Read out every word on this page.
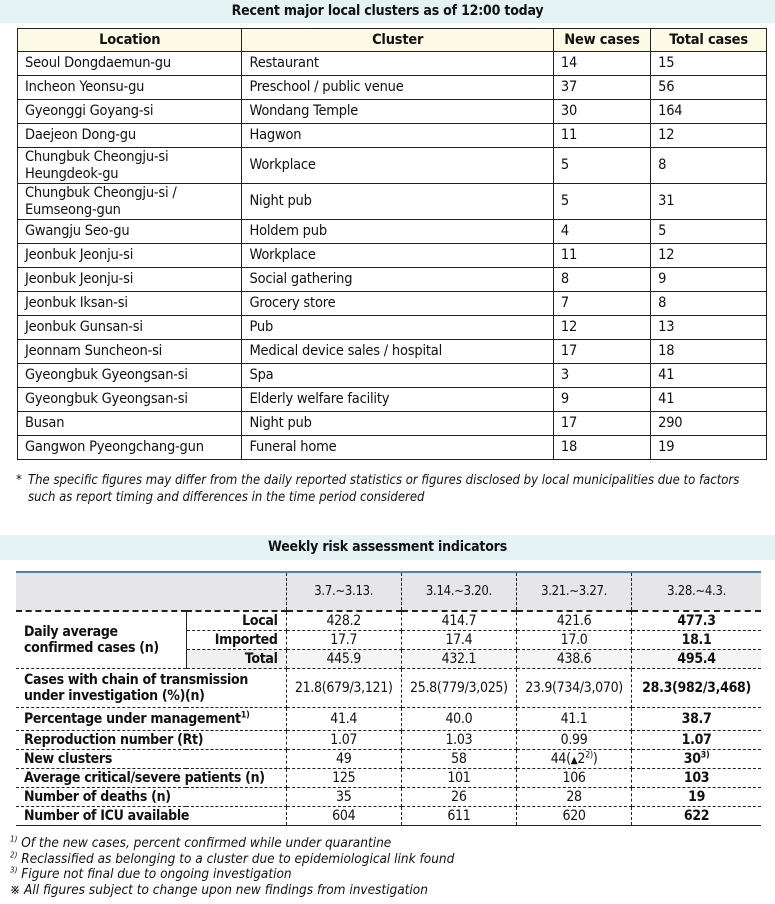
Recent major local clusters as of 12:00 today
Location	Cluster	New cases	Total cases
Seoul Dongdaemun-gu	Restaurant	14	15
Incheon Yeonsu-gu	Preschool / public venue	37	56
Gyeonggi Goyang-si	Wondang Temple	30	164
Daejeon Dong-gu	Hagwon	11	12
Chungbuk Cheongju-si Heungdeok-gu	Workplace	5	8
Chungbuk Cheongju-si / Eumseong-gun	Night pub	5	31
Gwangju Seo-gu	Holdem pub	4	5
Jeonbuk Jeonju-si	Workplace	11	12
Jeonbuk Jeonju-si	Social gathering	8	9
Jeonbuk Iksan-si	Grocery store	7	8
Jeonbuk Gunsan-si	Pub	12	13
Jeonnam Suncheon-si	Medical device sales / hospital	17	18
Gyeongbuk Gyeongsan-si	Spa	3	41
Gyeongbuk Gyeongsan-si	Elderly welfare facility	9	41
Busan	Night pub	17	290
Gangwon Pyeongchang-gun	Funeral home	18	19
* The specific figures may differ from the daily reported statistics or figures disclosed by local municipalities due to factors such as report timing and differences in the time period considered
Weekly risk assessment indicators
		3.7.~3.13.	3.14.~3.20.	3.21.~3.27.	3.28.~4.3.
Daily average confirmed cases (n)	Local	428.2	414.7	421.6	477.3
	Imported	17.7	17.4	17.0	18.1
	Total	445.9	432.1	438.6	495.4
Cases with chain of transmission under investigation (%)(n)		21.8(679/3,121)	25.8(779/3,025)	23.9(734/3,070)	28.3(982/3,468)
Percentage under management$^{1)}$		41.4	40.0	41.1	38.7
Reproduction number (Rt)		1.07	1.03	0.99	1.07
New clusters		49	58	44(▲2$^{2)}$)	30$^{3)}$
Average critical/severe patients (n)		125	101	106	103
Number of deaths (n)		35	26	28	19
Number of ICU available		604	611	620	622
$^{1)}$ Of the new cases, percent confirmed while under quarantine
$^{2)}$ Reclassified as belonging to a cluster due to epidemiological link found
$^{3)}$ Figure not final due to ongoing investigation
※ All figures subject to change upon new findings from investigation
